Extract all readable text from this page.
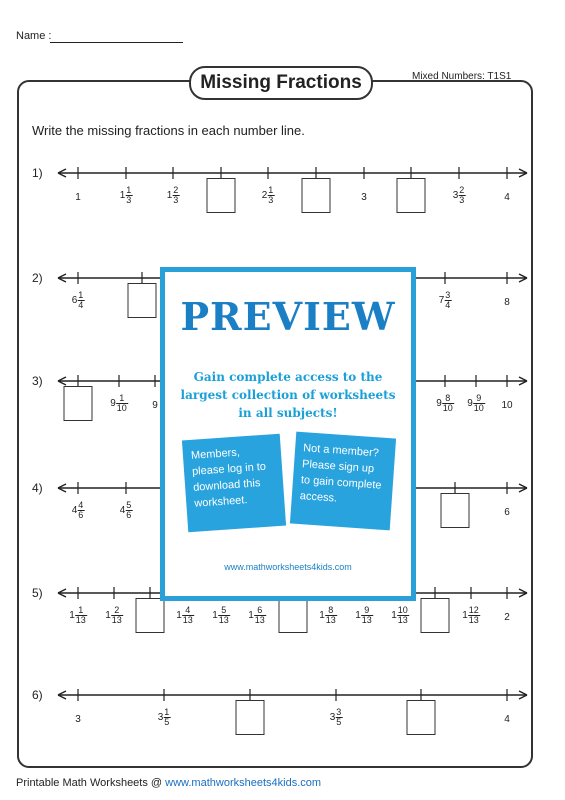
Name :
Missing Fractions	Mixed Numbers: T1S1
Write the missing fractions in each number line.
1)
1	$1 \frac{1}{3}$	$1 \frac{2}{3}$	$2 \frac{1}{3}$	3	$3 \frac{2}{3}$	4
2)
$6 \frac{1}{4}$	$7 \frac{3}{4}$	8
3)
$9 \frac{1}{10} 9$	$9 \frac{8}{10} 9 \frac{9}{10} 10$
4)
$4 \frac{4}{6}$	$4 \frac{5}{6}$	6
5)
$1 \frac{1}{13} 1 \frac{2}{13}$	$1 \frac{4}{13} 1 \frac{5}{13} 1 \frac{6}{13}$	$1 \frac{8}{13} 1 \frac{9}{13} 1 \frac{10}{13}$	$1 \frac{12}{13} 2$
6)
3	$3 \frac{1}{5}$	$3 \frac{3}{5}$	4
PREVIEW
Gain complete access to the largest collection of worksheets in all subjects!
Members, please log in to download this worksheet.
Not a member? Please sign up to gain complete access.
www.mathworksheets4kids.com
Printable Math Worksheets @ www.mathworksheets4kids.com
